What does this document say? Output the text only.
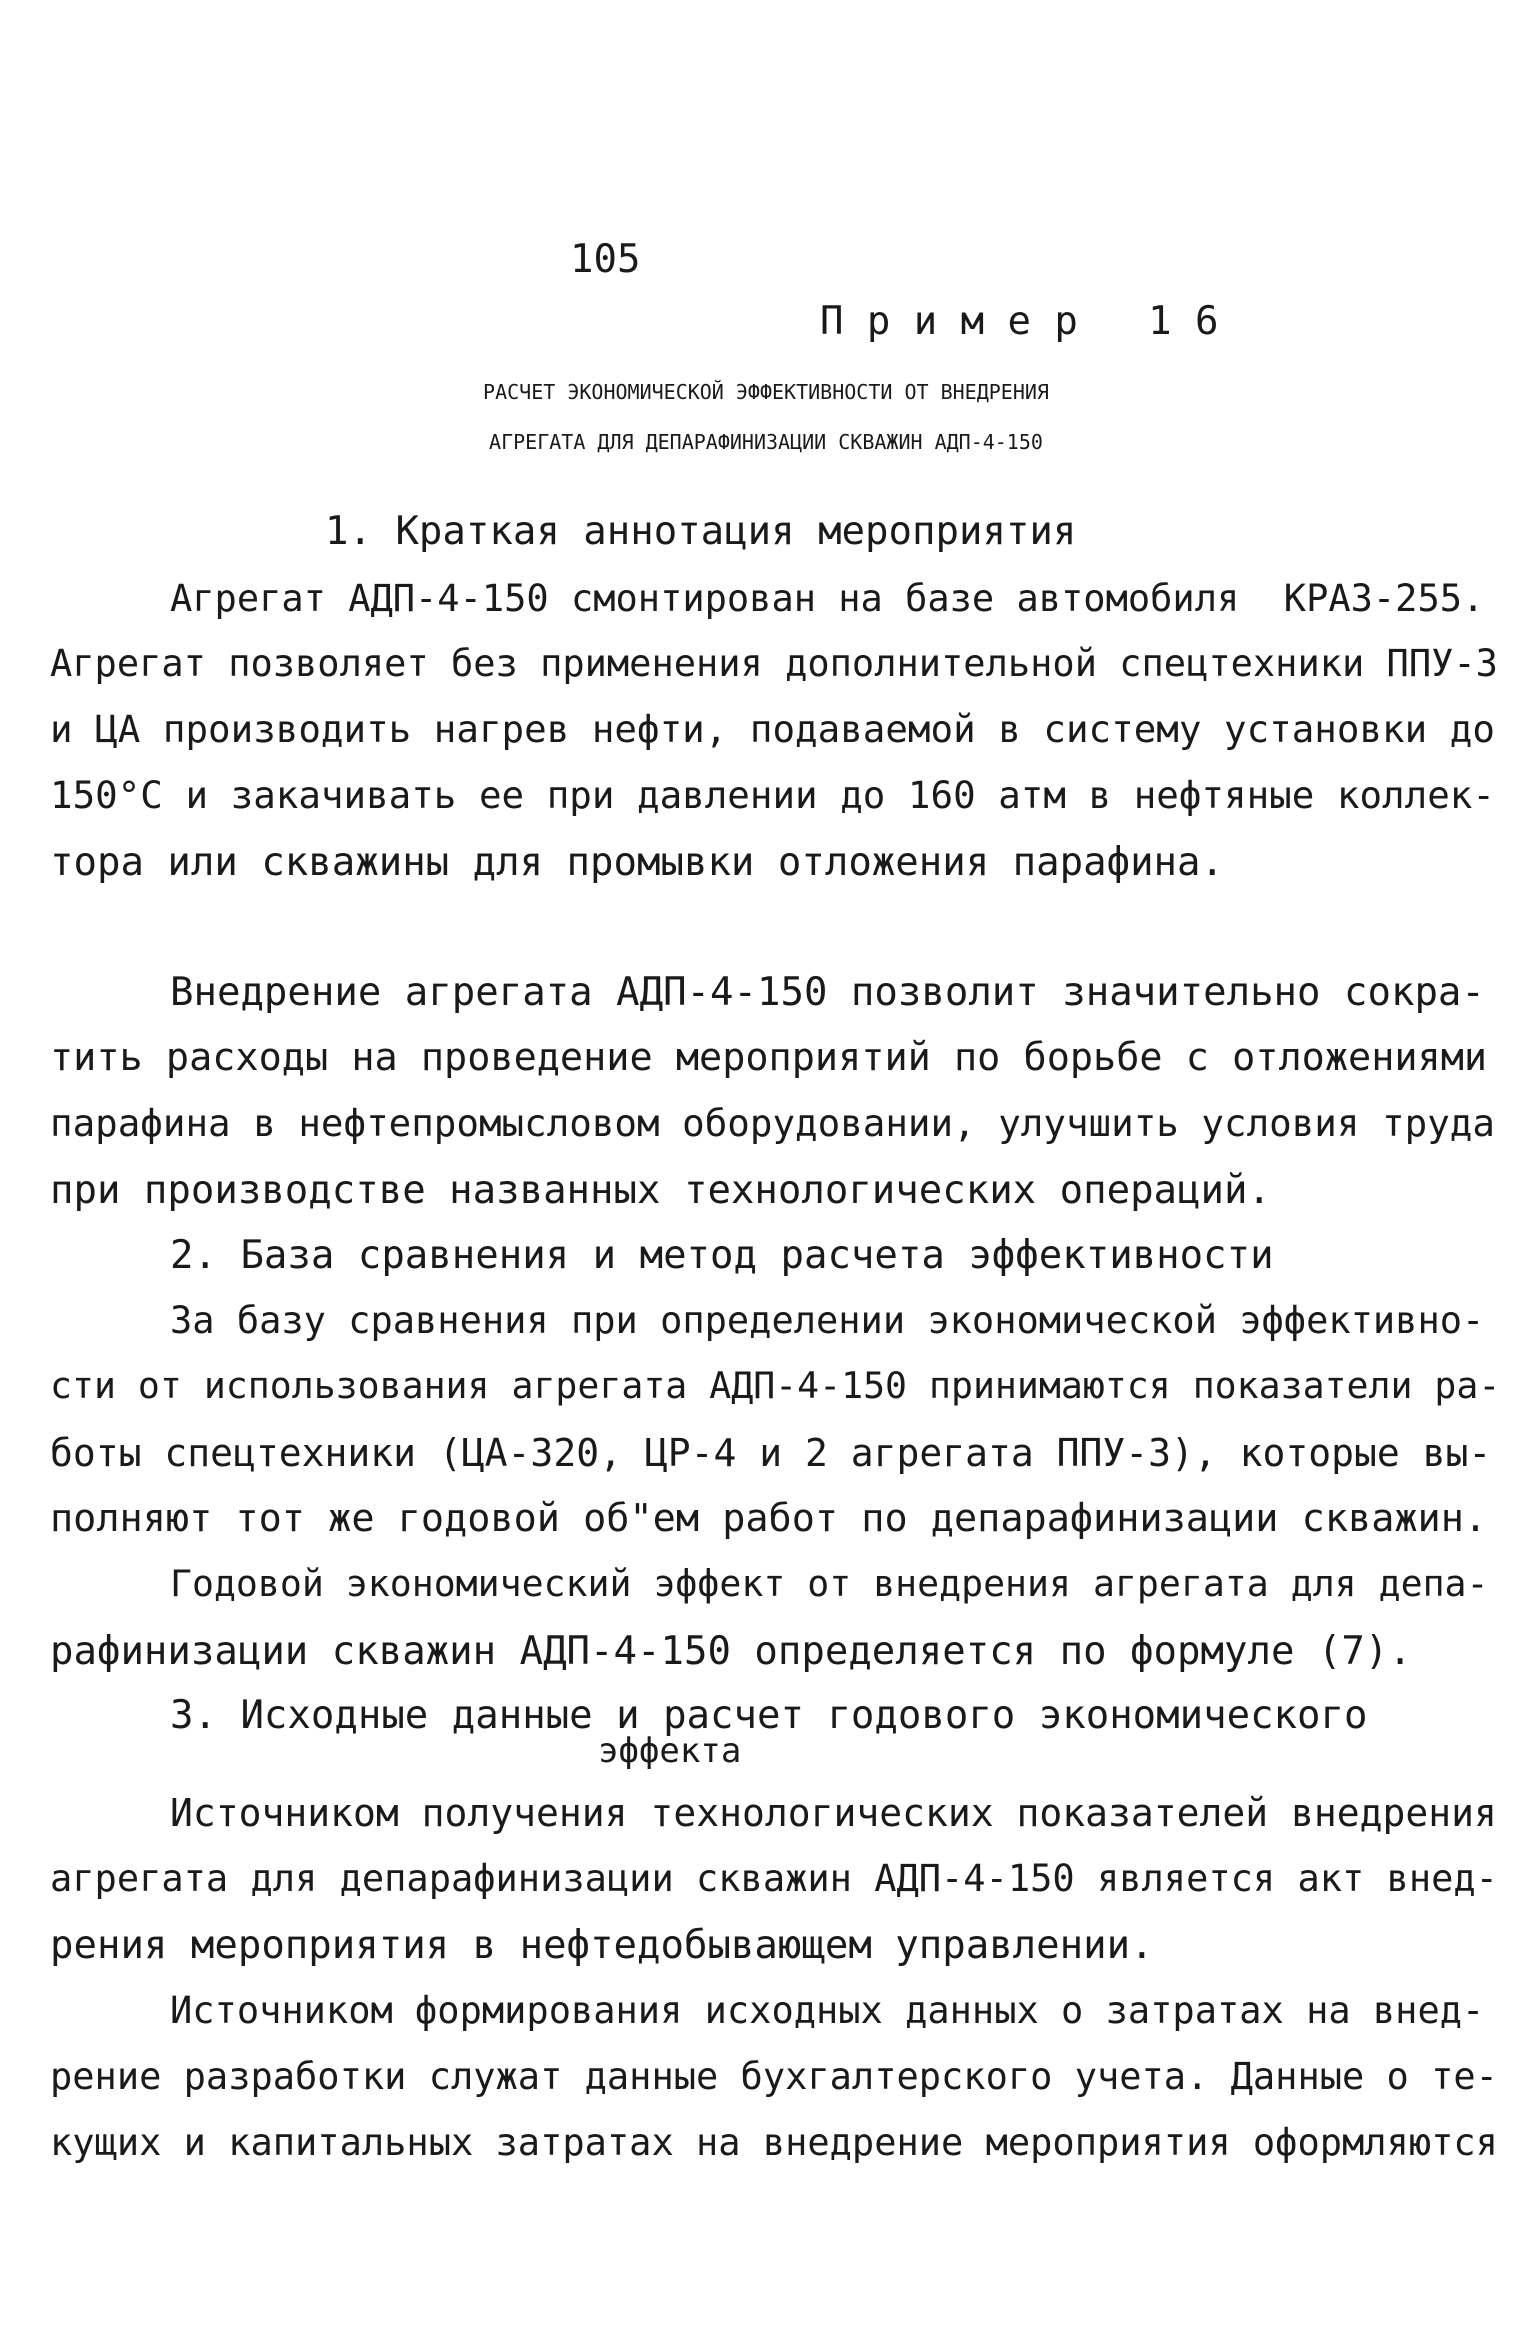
105
Пример 16
РАСЧЕТ ЭКОНОМИЧЕСКОЙ ЭФФЕКТИВНОСТИ ОТ ВНЕДРЕНИЯ
АГРЕГАТА ДЛЯ ДЕПАРАФИНИЗАЦИИ СКВАЖИН АДП-4-150
1. Краткая аннотация мероприятия
Агрегат АДП-4-150 смонтирован на базе автомобиля  КРАЗ-255.
Агрегат позволяет без применения дополнительной спецтехники ППУ-3
и ЦА производить нагрев нефти, подаваемой в систему установки до
150°С и закачивать ее при давлении до 160 атм в нефтяные коллек-
тора или скважины для промывки отложения парафина.
Внедрение агрегата АДП-4-150 позволит значительно сокра-
тить расходы на проведение мероприятий по борьбе с отложениями
парафина в нефтепромысловом оборудовании, улучшить условия труда
при производстве названных технологических операций.
2. База сравнения и метод расчета эффективности
За базу сравнения при определении экономической эффективно-
сти от использования агрегата АДП-4-150 принимаются показатели ра-
боты спецтехники (ЦА-320, ЦР-4 и 2 агрегата ППУ-3), которые вы-
полняют тот же годовой об"ем работ по депарафинизации скважин.
Годовой экономический эффект от внедрения агрегата для депа-
рафинизации скважин АДП-4-150 определяется по формуле (7).
3. Исходные данные и расчет годового экономического
эффекта
Источником получения технологических показателей внедрения
агрегата для депарафинизации скважин АДП-4-150 является акт внед-
рения мероприятия в нефтедобывающем управлении.
Источником формирования исходных данных о затратах на внед-
рение разработки служат данные бухгалтерского учета. Данные о те-
кущих и капитальных затратах на внедрение мероприятия оформляются
